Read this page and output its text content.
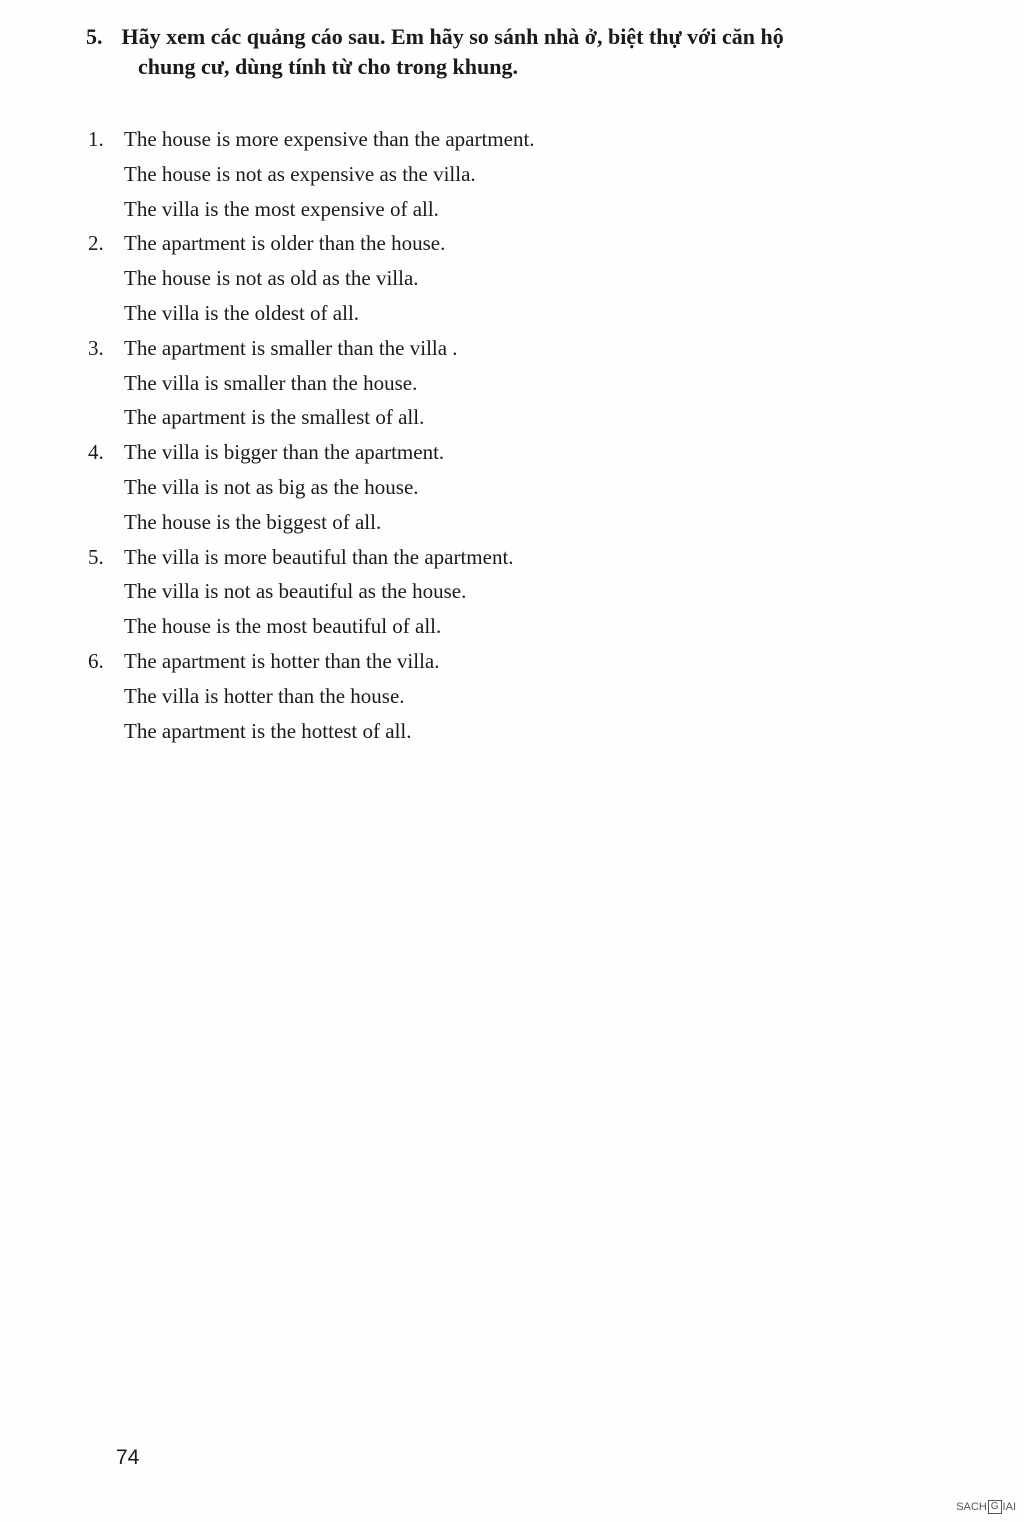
5. Hãy xem các quảng cáo sau. Em hãy so sánh nhà ở, biệt thự với căn hộ
chung cư, dùng tính từ cho trong khung.
1. The house is more expensive than the apartment.
The house is not as expensive as the villa.
The villa is the most expensive of all.
2. The apartment is older than the house.
The house is not as old as the villa.
The villa is the oldest of all.
3. The apartment is smaller than the villa .
The villa is smaller than the house.
The apartment is the smallest of all.
4. The villa is bigger than the apartment.
The villa is not as big as the house.
The house is the biggest of all.
5. The villa is more beautiful than the apartment.
The villa is not as beautiful as the house.
The house is the most beautiful of all.
6. The apartment is hotter than the villa.
The villa is hotter than the house.
The apartment is the hottest of all.
74
SACH G IAI
